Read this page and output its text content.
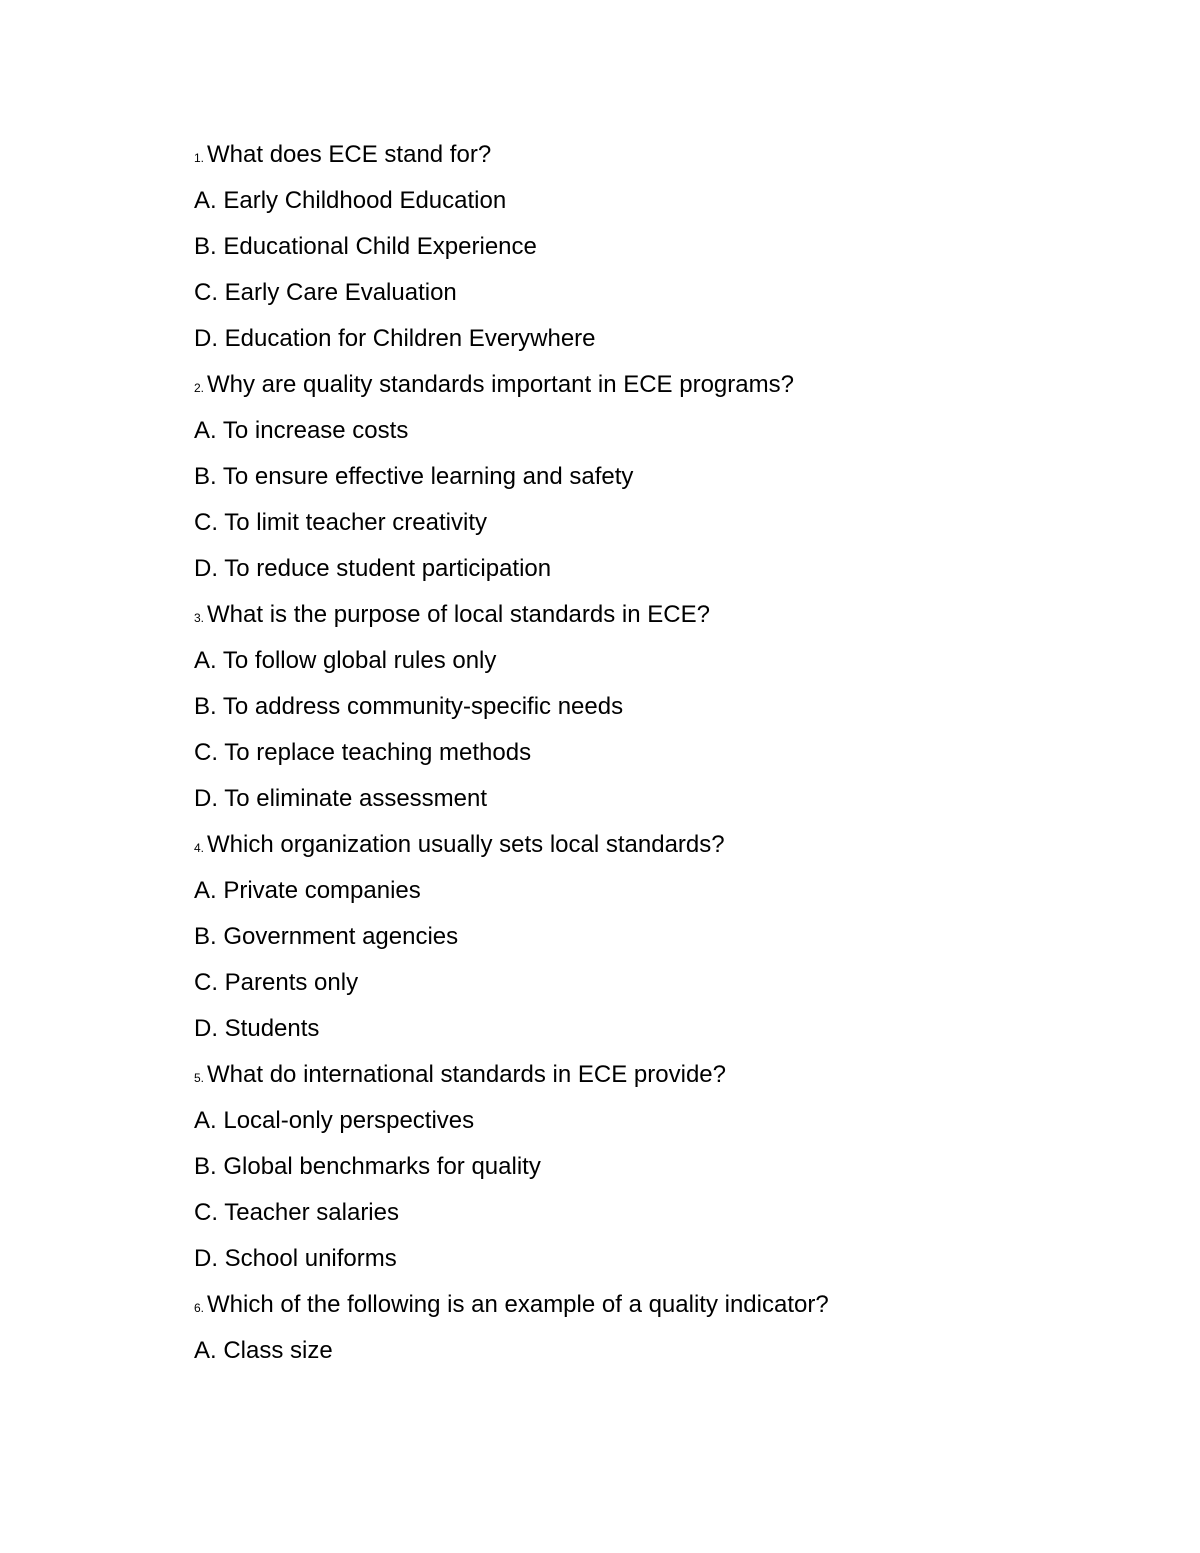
1. What does ECE stand for?
A. Early Childhood Education
B. Educational Child Experience
C. Early Care Evaluation
D. Education for Children Everywhere
2. Why are quality standards important in ECE programs?
A. To increase costs
B. To ensure effective learning and safety
C. To limit teacher creativity
D. To reduce student participation
3. What is the purpose of local standards in ECE?
A. To follow global rules only
B. To address community-specific needs
C. To replace teaching methods
D. To eliminate assessment
4. Which organization usually sets local standards?
A. Private companies
B. Government agencies
C. Parents only
D. Students
5. What do international standards in ECE provide?
A. Local-only perspectives
B. Global benchmarks for quality
C. Teacher salaries
D. School uniforms
6. Which of the following is an example of a quality indicator?
A. Class size
